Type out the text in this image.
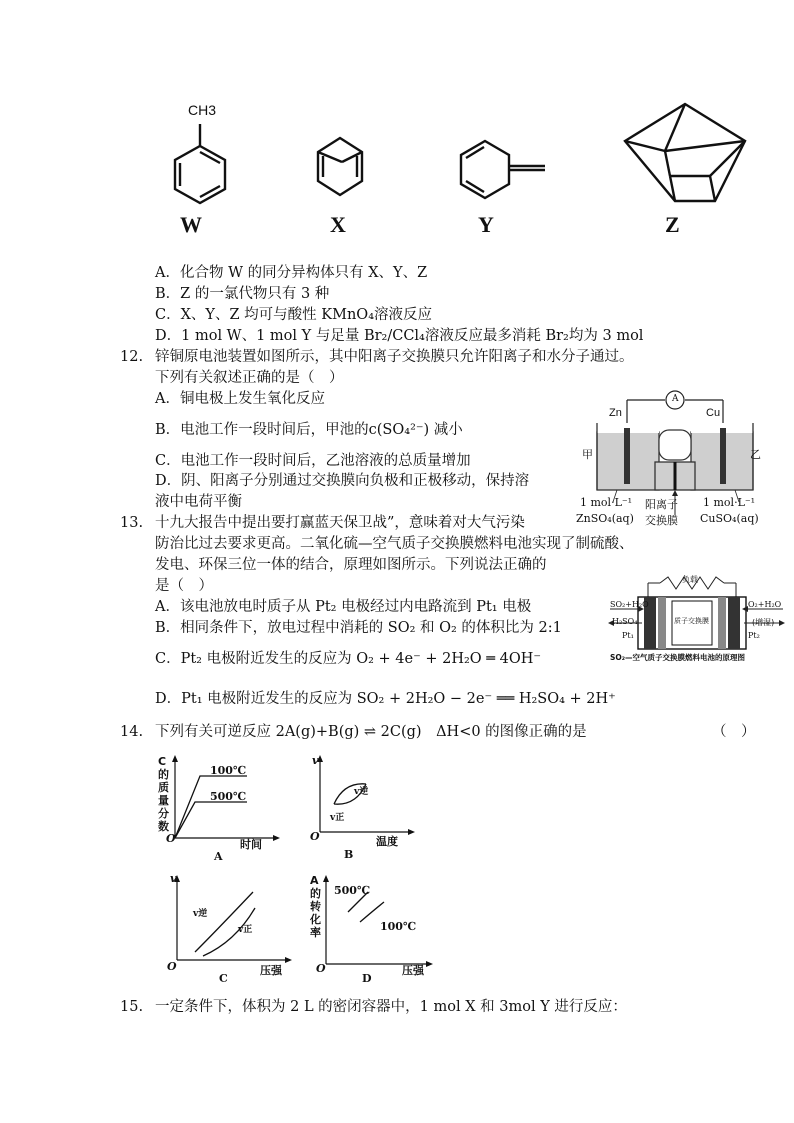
CH3
W	X	Y	Z
A．化合物 W 的同分异构体只有 X、Y、Z
B．Z 的一氯代物只有 3 种
C．X、Y、Z 均可与酸性 KMnO₄溶液反应
D．1 mol W、1 mol Y 与足量 Br₂/CCl₄溶液反应最多消耗 Br₂均为 3 mol
12. 锌铜原电池装置如图所示，其中阳离子交换膜只允许阳离子和水分子通过。
下列有关叙述正确的是（　）
A．铜电极上发生氧化反应
B．电池工作一段时间后，甲池的c(SO₄²⁻) 减小
C．电池工作一段时间后，乙池溶液的总质量增加
D．阴、阳离子分别通过交换膜向负极和正极移动，保持溶
液中电荷平衡
Zn	Cu
A
甲	乙
1 mol·L⁻¹
ZnSO₄(aq)
阳离子
交换膜
1 mol·L⁻¹
CuSO₄(aq)
13. 十九大报告中提出要打赢蓝天保卫战”，意味着对大气污染
防治比过去要求更高。二氧化硫—空气质子交换膜燃料电池实现了制硫酸、
发电、环保三位一体的结合，原理如图所示。下列说法正确的
是（　）
A．该电池放电时质子从 Pt₂ 电极经过内电路流到 Pt₁ 电极
B．相同条件下，放电过程中消耗的 SO₂ 和 O₂ 的体积比为 2:1
C．Pt₂ 电极附近发生的反应为 O₂ + 4e⁻ + 2H₂O ═ 4OH⁻
D．Pt₁ 电极附近发生的反应为 SO₂ + 2H₂O − 2e⁻ ══ H₂SO₄ + 2H⁺
负载
SO₂+H₂O
H₂SO₄
Pt₁
质子交换膜
O₂+H₂O
(增湿)
Pt₂
SO₂—空气质子交换膜燃料电池的原理图
14. 下列有关可逆反应 2A(g)+B(g) ⇌ 2C(g)　ΔH<0 的图像正确的是	（　）
C
的
质
量
分
数
100℃
500℃
O	时间
A
v
v逆
v正
O	温度
B
v
v逆
v正
O	压强
C
A
的
转
化
率
500℃
100℃
O	压强
D
15. 一定条件下，体积为 2 L 的密闭容器中，1 mol X 和 3mol Y 进行反应：
